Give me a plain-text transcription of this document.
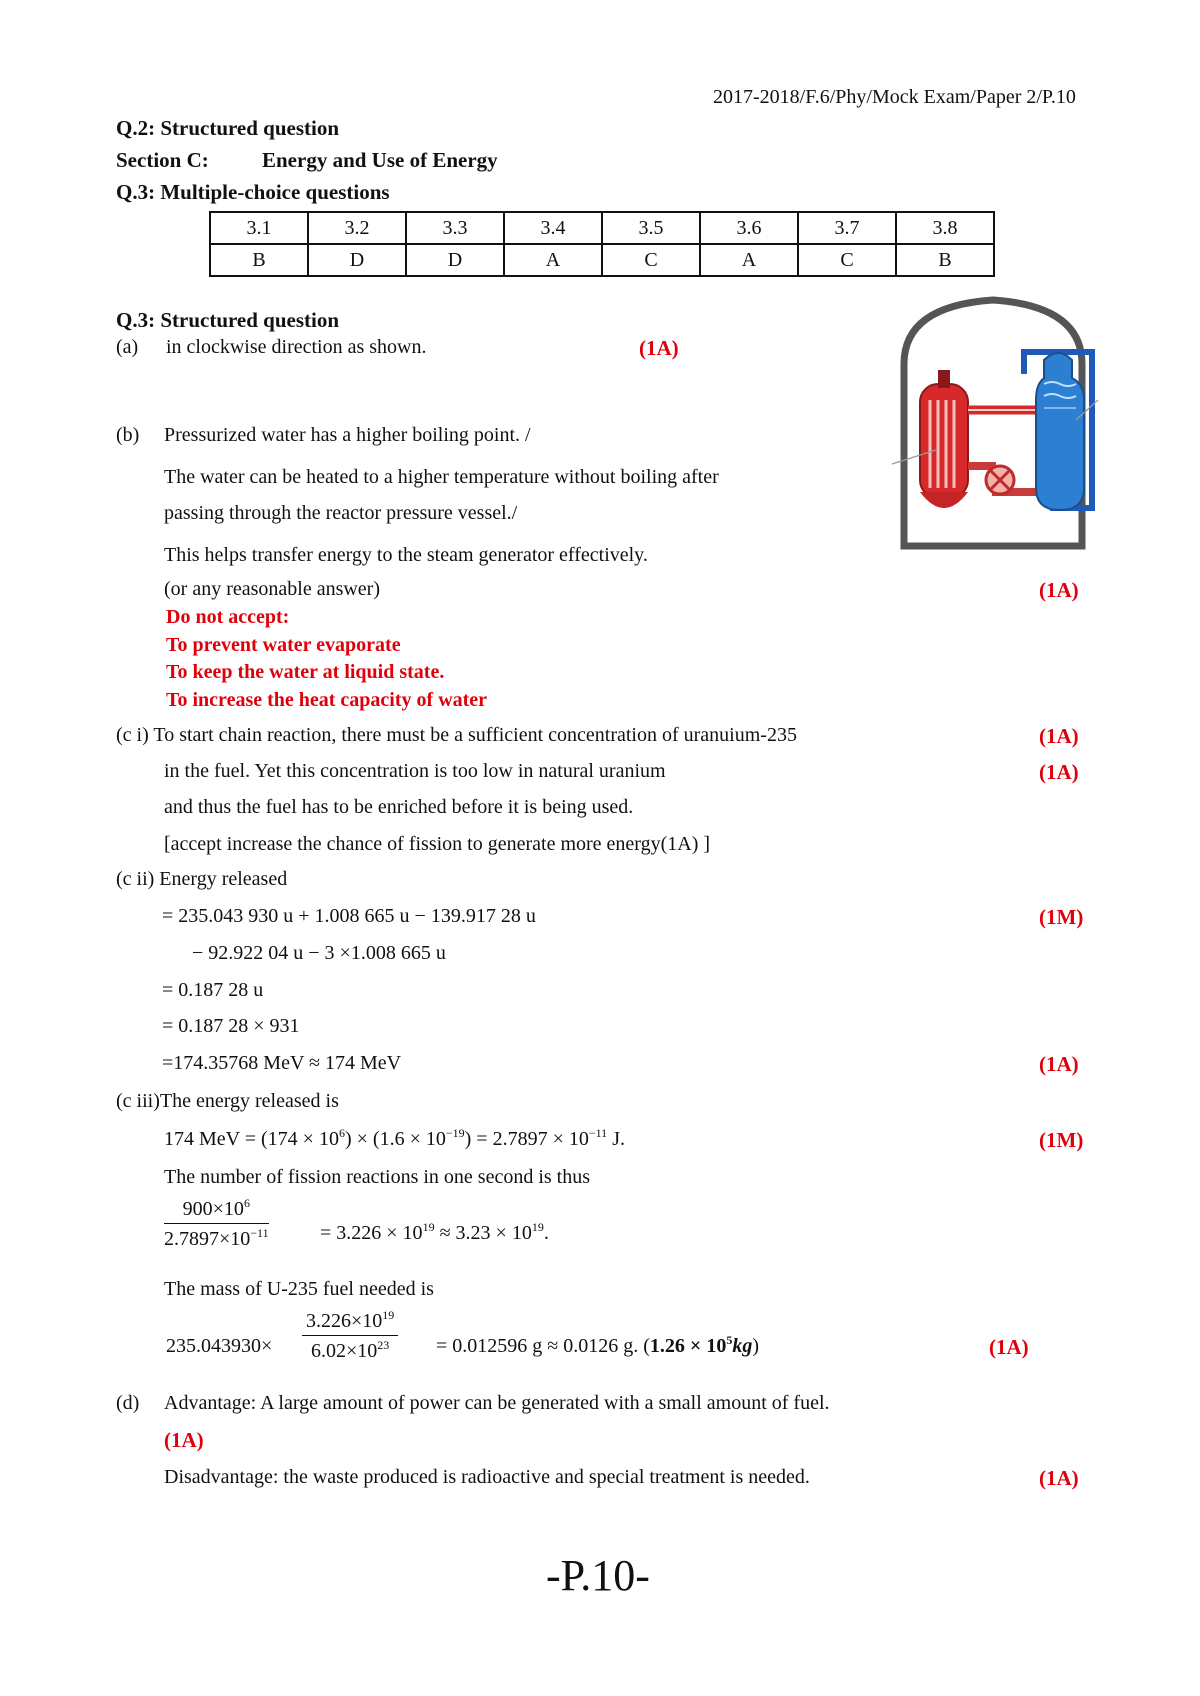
2017-2018/F.6/Phy/Mock Exam/Paper 2/P.10
Q.2: Structured question
Section C:	Energy and Use of Energy
Q.3: Multiple-choice questions
3.1	3.2	3.3	3.4	3.5	3.6	3.7	3.8
B	D	D	A	C	A	C	B
Q.3: Structured question
(a) in clockwise direction as shown.	(1A)
(b) Pressurized water has a higher boiling point. /
The water can be heated to a higher temperature without boiling after
passing through the reactor pressure vessel./
This helps transfer energy to the steam generator effectively.
(or any reasonable answer)	(1A)
Do not accept:
To prevent water evaporate
To keep the water at liquid state.
To increase the heat capacity of water
(c i) To start chain reaction, there must be a sufficient concentration of uranuium-235	(1A)
in the fuel. Yet this concentration is too low in natural uranium	(1A)
and thus the fuel has to be enriched before it is being used.
[accept increase the chance of fission to generate more energy(1A) ]
(c ii) Energy released
= 235.043 930 u + 1.008 665 u − 139.917 28 u	(1M)
− 92.922 04 u − 3 ×1.008 665 u
= 0.187 28 u
= 0.187 28 × 931
=174.35768 MeV ≈ 174 MeV	(1A)
(c iii)The energy released is
174 MeV = $(174 \times 10^6) \times (1.6 \times 10^{-19}) = 2.7897 \times 10^{-11}$ J.	(1M)
The number of fission reactions in one second is thus
$\frac{900\times 10^6}{2.7897\times 10^{-11}}$	= $3.226 \times 10^{19} \approx 3.23 \times 10^{19}$.
The mass of U-235 fuel needed is
$235.043930\times \frac{3.226\times 10^{19}}{6.02\times 10^{23}} = 0.012596$ g ≈ 0.0126 g. $(1.26 \times 10^5kg)$	(1A)
(d) Advantage: A large amount of power can be generated with a small amount of fuel.
(1A)
Disadvantage: the waste produced is radioactive and special treatment is needed.	(1A)
-P.10-
